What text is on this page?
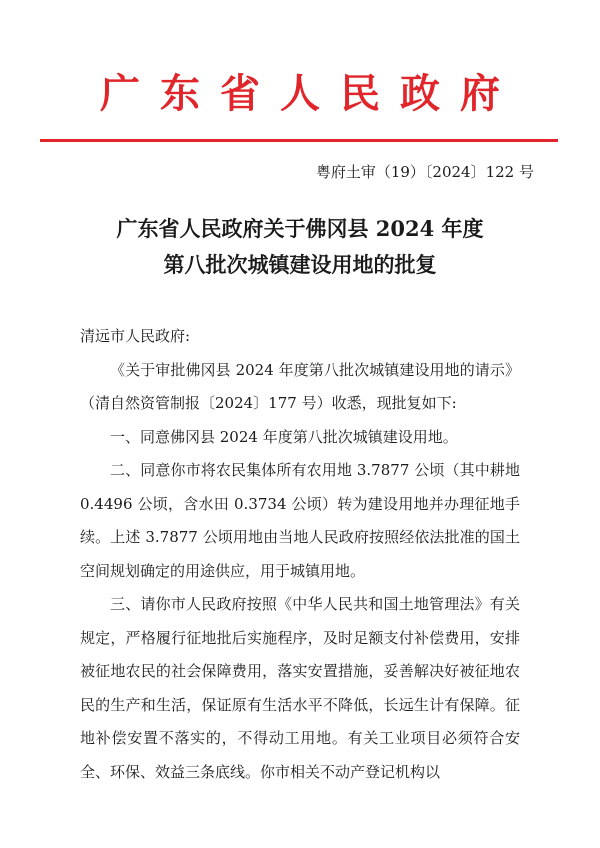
广东省人民政府
粤府土审（19）〔2024〕122 号
广东省人民政府关于佛冈县 2024 年度
第八批次城镇建设用地的批复

清远市人民政府:

《关于审批佛冈县 2024 年度第八批次城镇建设用地的请示》（清自然资管制报〔2024〕177 号）收悉，现批复如下:

一、同意佛冈县 2024 年度第八批次城镇建设用地。

二、同意你市将农民集体所有农用地 3.7877 公顷（其中耕地 0.4496 公顷，含水田 0.3734 公顷）转为建设用地并办理征地手续。上述 3.7877 公顷用地由当地人民政府按照经依法批准的国土空间规划确定的用途供应，用于城镇用地。

三、请你市人民政府按照《中华人民共和国土地管理法》有关规定，严格履行征地批后实施程序，及时足额支付补偿费用，安排被征地农民的社会保障费用，落实安置措施，妥善解决好被征地农民的生产和生活，保证原有生活水平不降低，长远生计有保障。征地补偿安置不落实的，不得动工用地。有关工业项目必须符合安全、环保、效益三条底线。你市相关不动产登记机构以
